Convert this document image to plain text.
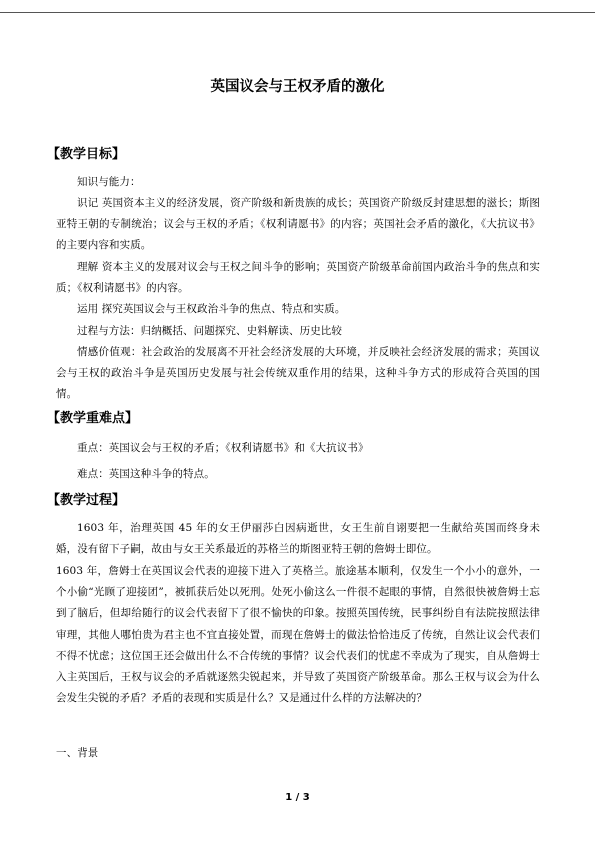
英国议会与王权矛盾的激化
【教学目标】
知识与能力：
识记 英国资本主义的经济发展，资产阶级和新贵族的成长；英国资产阶级反封建思想的滋长；斯图亚特王朝的专制统治；议会与王权的矛盾；《权利请愿书》的内容；英国社会矛盾的激化，《大抗议书》的主要内容和实质。
理解 资本主义的发展对议会与王权之间斗争的影响；英国资产阶级革命前国内政治斗争的焦点和实质；《权利请愿书》的内容。
运用 探究英国议会与王权政治斗争的焦点、特点和实质。
过程与方法：归纳概括、问题探究、史料解读、历史比较
情感价值观：社会政治的发展离不开社会经济发展的大环境，并反映社会经济发展的需求；英国议会与王权的政治斗争是英国历史发展与社会传统双重作用的结果，这种斗争方式的形成符合英国的国情。
【教学重难点】
重点：英国议会与王权的矛盾；《权利请愿书》和《大抗议书》
难点：英国这种斗争的特点。
【教学过程】
1603 年，治理英国 45 年的女王伊丽莎白因病逝世，女王生前自诩要把一生献给英国而终身未婚，没有留下子嗣，故由与女王关系最近的苏格兰的斯图亚特王朝的詹姆士即位。
1603 年，詹姆士在英国议会代表的迎接下进入了英格兰。旅途基本顺利，仅发生一个小小的意外，一个小偷“光顾了迎接团”，被抓获后处以死刑。处死小偷这么一件很不起眼的事情，自然很快被詹姆士忘到了脑后，但却给随行的议会代表留下了很不愉快的印象。按照英国传统，民事纠纷自有法院按照法律审理，其他人哪怕贵为君主也不宜直接处置，而现在詹姆士的做法恰恰违反了传统，自然让议会代表们不得不忧虑；这位国王还会做出什么不合传统的事情？议会代表们的忧虑不幸成为了现实，自从詹姆士入主英国后，王权与议会的矛盾就逐然尖锐起来，并导致了英国资产阶级革命。那么王权与议会为什么会发生尖锐的矛盾？矛盾的表现和实质是什么？又是通过什么样的方法解决的？
一、背景
1 / 3
